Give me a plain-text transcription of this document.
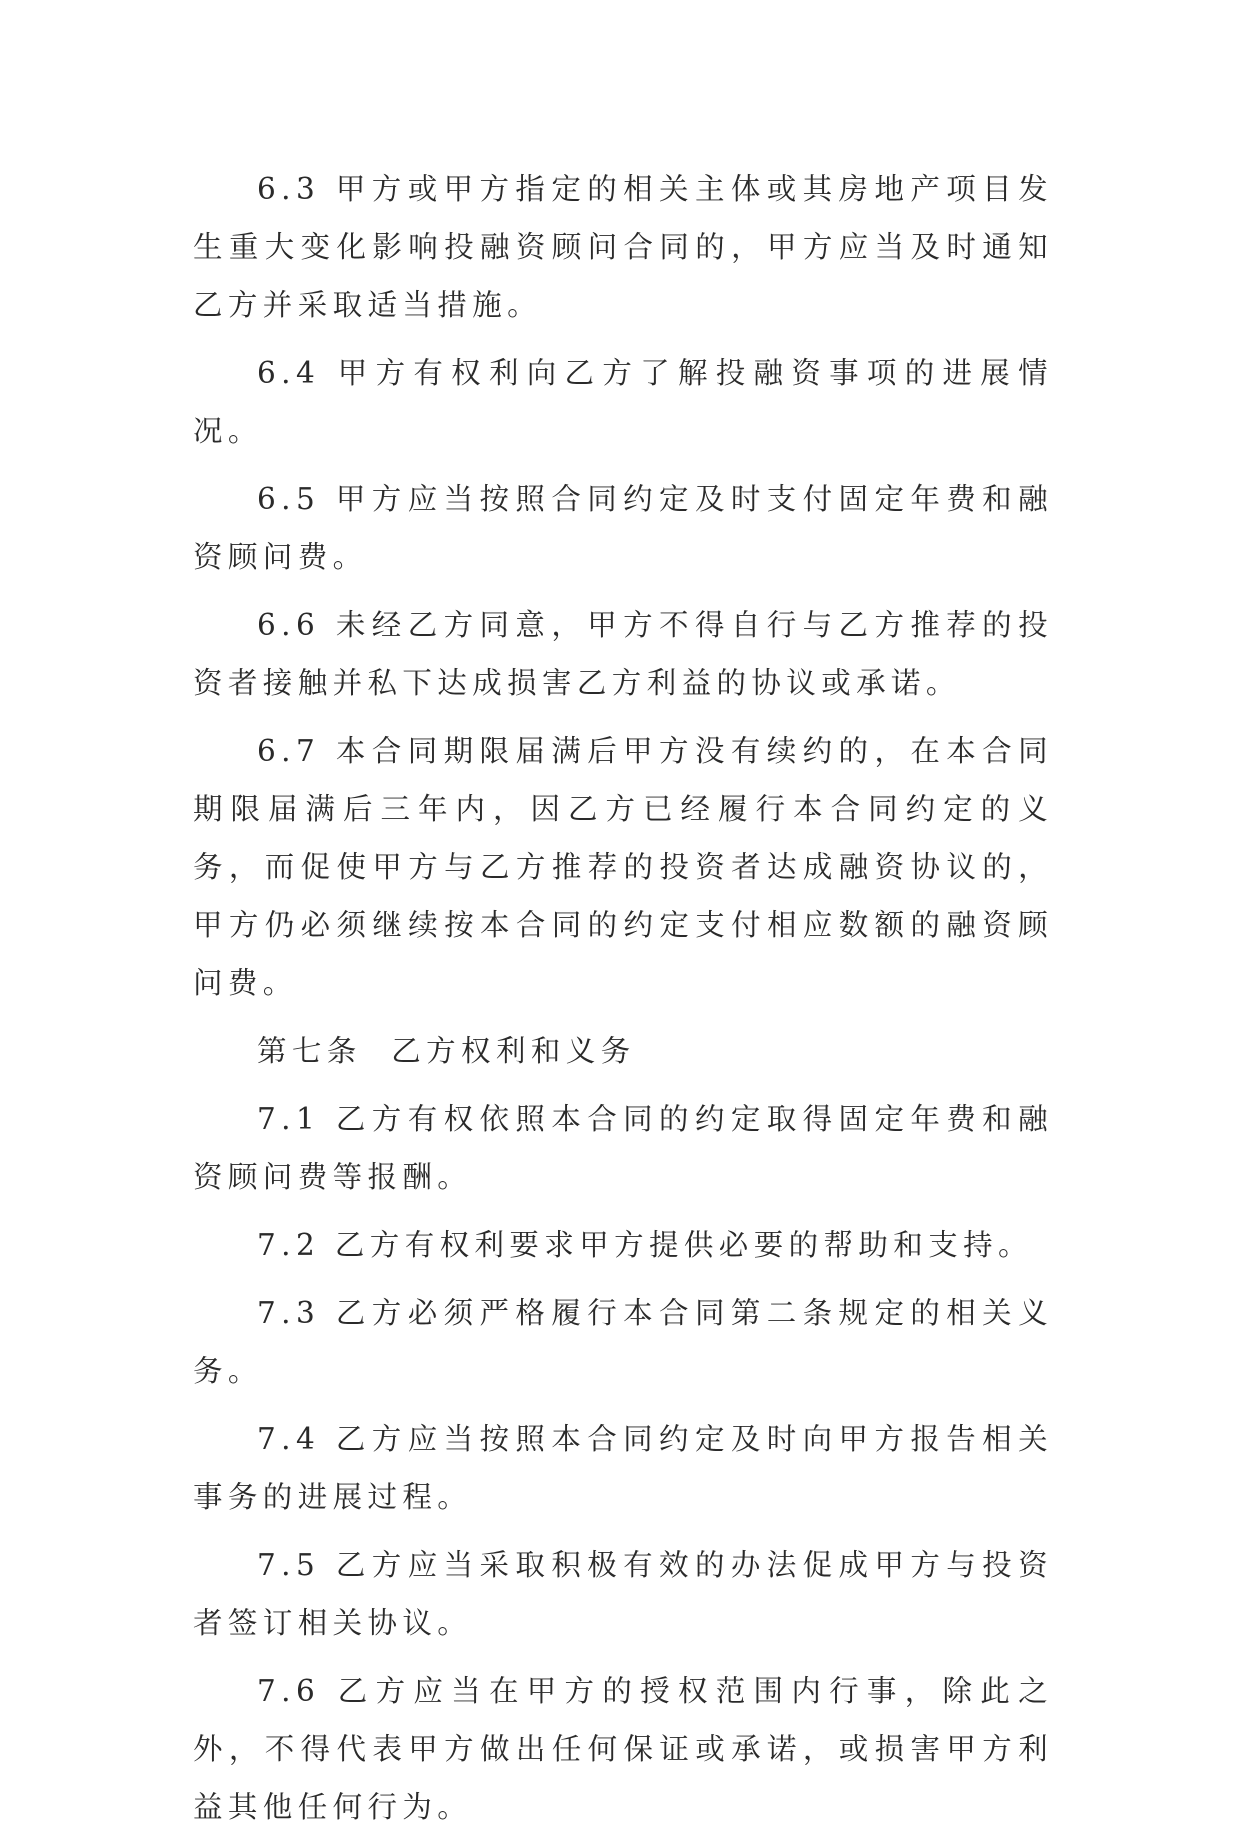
6.3 甲方或甲方指定的相关主体或其房地产项目发生重大变化影响投融资顾问合同的，甲方应当及时通知乙方并采取适当措施。

6.4 甲方有权利向乙方了解投融资事项的进展情况。

6.5 甲方应当按照合同约定及时支付固定年费和融资顾问费。

6.6 未经乙方同意，甲方不得自行与乙方推荐的投资者接触并私下达成损害乙方利益的协议或承诺。

6.7 本合同期限届满后甲方没有续约的，在本合同期限届满后三年内，因乙方已经履行本合同约定的义务，而促使甲方与乙方推荐的投资者达成融资协议的，甲方仍必须继续按本合同的约定支付相应数额的融资顾问费。

第七条  乙方权利和义务

7.1 乙方有权依照本合同的约定取得固定年费和融资顾问费等报酬。

7.2 乙方有权利要求甲方提供必要的帮助和支持。

7.3 乙方必须严格履行本合同第二条规定的相关义务。

7.4 乙方应当按照本合同约定及时向甲方报告相关事务的进展过程。

7.5 乙方应当采取积极有效的办法促成甲方与投资者签订相关协议。

7.6 乙方应当在甲方的授权范围内行事，除此之外，不得代表甲方做出任何保证或承诺，或损害甲方利益其他任何行为。
